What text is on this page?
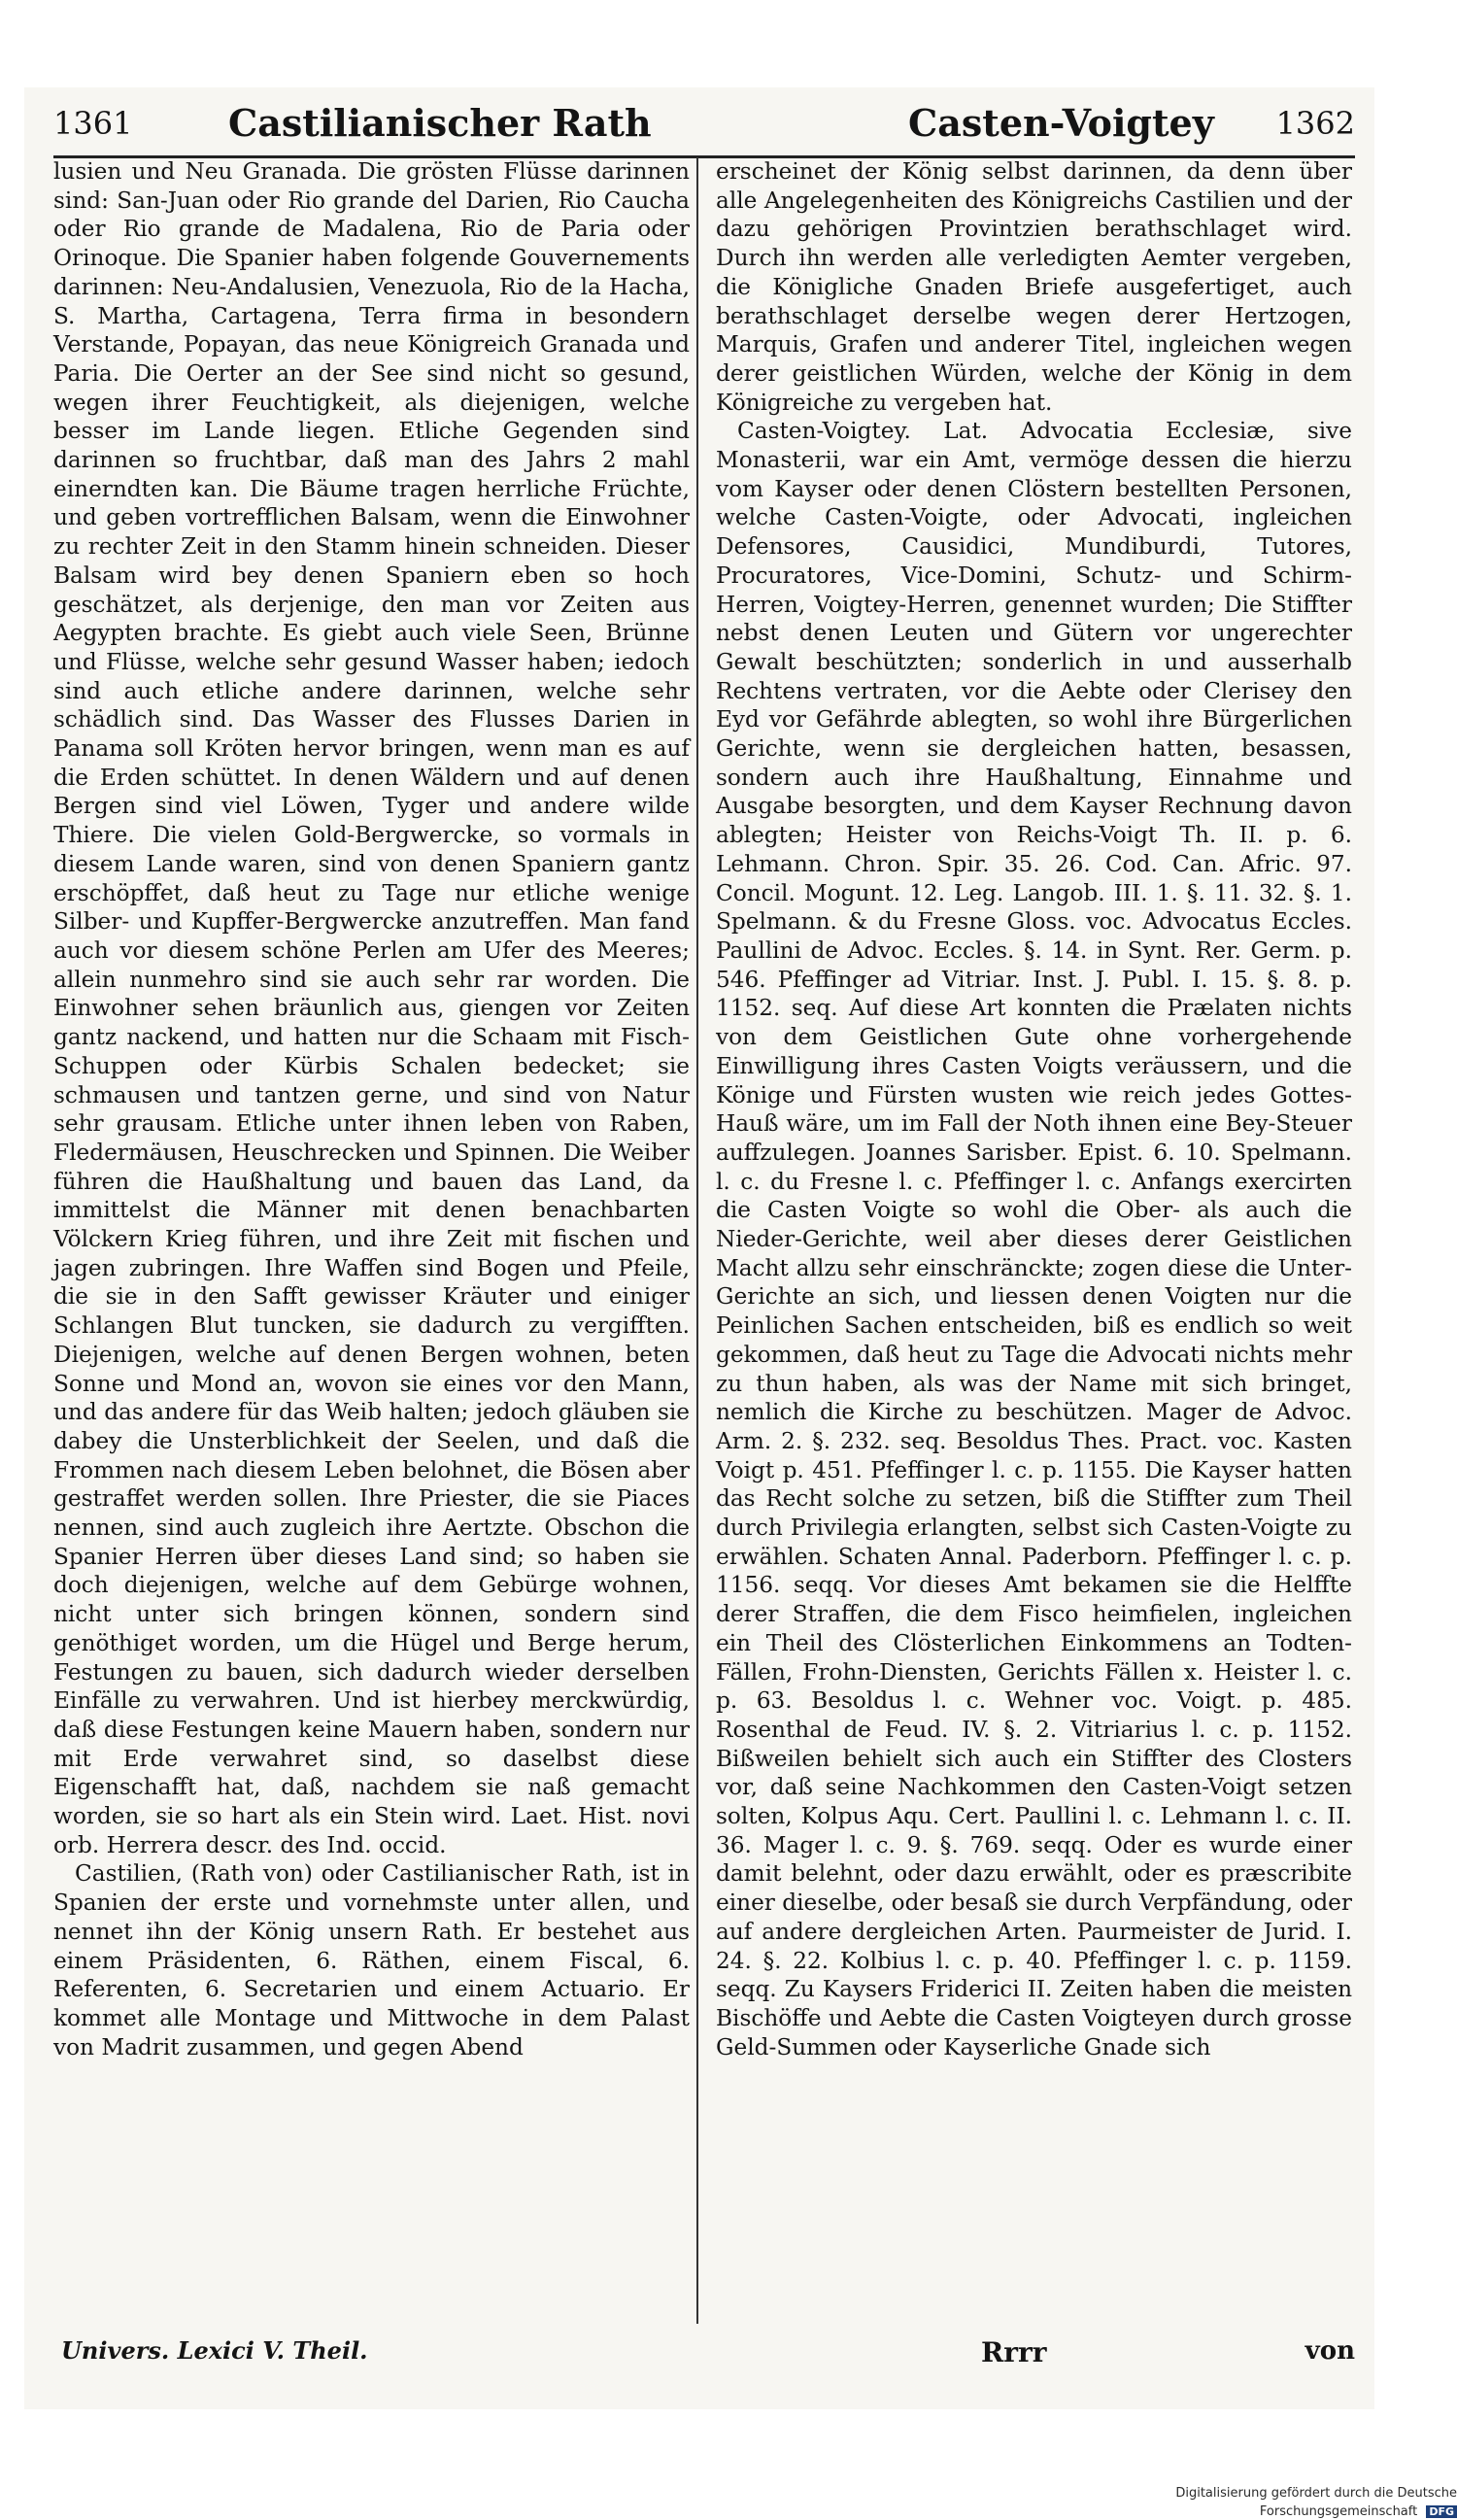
1361	Castilianischer Rath	Casten-Voigtey 1362

lusien und Neu Granada. Die grösten Flüsse darinnen sind: San-Juan oder Rio grande del Darien, Rio Caucha oder Rio grande de Madalena, Rio de Paria oder Orinoque. Die Spanier haben folgende Gouvernements darinnen: Neu-Andalusien, Venezuola, Rio de la Hacha, S. Martha, Cartagena, Terra firma in besondern Verstande, Popayan, das neue Königreich Granada und Paria. Die Oerter an der See sind nicht so gesund, wegen ihrer Feuchtigkeit, als diejenigen, welche besser im Lande liegen. Etliche Gegenden sind darinnen so fruchtbar, daß man des Jahrs 2 mahl einerndten kan. Die Bäume tragen herrliche Früchte, und geben vortrefflichen Balsam, wenn die Einwohner zu rechter Zeit in den Stamm hinein schneiden. Dieser Balsam wird bey denen Spaniern eben so hoch geschätzet, als derjenige, den man vor Zeiten aus Aegypten brachte. Es giebt auch viele Seen, Brünne und Flüsse, welche sehr gesund Wasser haben; iedoch sind auch etliche andere darinnen, welche sehr schädlich sind. Das Wasser des Flusses Darien in Panama soll Kröten hervor bringen, wenn man es auf die Erden schüttet. In denen Wäldern und auf denen Bergen sind viel Löwen, Tyger und andere wilde Thiere. Die vielen Gold-Bergwercke, so vormals in diesem Lande waren, sind von denen Spaniern gantz erschöpffet, daß heut zu Tage nur etliche wenige Silber- und Kupffer-Bergwercke anzutreffen. Man fand auch vor diesem schöne Perlen am Ufer des Meeres; allein nunmehro sind sie auch sehr rar worden. Die Einwohner sehen bräunlich aus, giengen vor Zeiten gantz nackend, und hatten nur die Schaam mit Fisch-Schuppen oder Kürbis Schalen bedecket; sie schmausen und tantzen gerne, und sind von Natur sehr grausam. Etliche unter ihnen leben von Raben, Fledermäusen, Heuschrecken und Spinnen. Die Weiber führen die Haußhaltung und bauen das Land, da immittelst die Männer mit denen benachbarten Völckern Krieg führen, und ihre Zeit mit fischen und jagen zubringen. Ihre Waffen sind Bogen und Pfeile, die sie in den Safft gewisser Kräuter und einiger Schlangen Blut tuncken, sie dadurch zu vergifften. Diejenigen, welche auf denen Bergen wohnen, beten Sonne und Mond an, wovon sie eines vor den Mann, und das andere für das Weib halten; jedoch gläuben sie dabey die Unsterblichkeit der Seelen, und daß die Frommen nach diesem Leben belohnet, die Bösen aber gestraffet werden sollen. Ihre Priester, die sie Piaces nennen, sind auch zugleich ihre Aertzte. Obschon die Spanier Herren über dieses Land sind; so haben sie doch diejenigen, welche auf dem Gebürge wohnen, nicht unter sich bringen können, sondern sind genöthiget worden, um die Hügel und Berge herum, Festungen zu bauen, sich dadurch wieder derselben Einfälle zu verwahren. Und ist hierbey merckwürdig, daß diese Festungen keine Mauern haben, sondern nur mit Erde verwahret sind, so daselbst diese Eigenschafft hat, daß, nachdem sie naß gemacht worden, sie so hart als ein Stein wird. Laet. Hist. novi orb. Herrera descr. des Ind. occid.

Castilien, (Rath von) oder Castilianischer Rath, ist in Spanien der erste und vornehmste unter allen, und nennet ihn der König unsern Rath. Er bestehet aus einem Präsidenten, 6. Räthen, einem Fiscal, 6. Referenten, 6. Secretarien und einem Actuario. Er kommet alle Montage und Mittwoche in dem Palast von Madrit zusammen, und gegen Abend

erscheinet der König selbst darinnen, da denn über alle Angelegenheiten des Königreichs Castilien und der dazu gehörigen Provintzien berathschlaget wird. Durch ihn werden alle verledigten Aemter vergeben, die Königliche Gnaden Briefe ausgefertiget, auch berathschlaget derselbe wegen derer Hertzogen, Marquis, Grafen und anderer Titel, ingleichen wegen derer geistlichen Würden, welche der König in dem Königreiche zu vergeben hat.

Casten-Voigtey. Lat. Advocatia Ecclesiæ, sive Monasterii, war ein Amt, vermöge dessen die hierzu vom Kayser oder denen Clöstern bestellten Personen, welche Casten-Voigte, oder Advocati, ingleichen Defensores, Causidici, Mundiburdi, Tutores, Procuratores, Vice-Domini, Schutz- und Schirm-Herren, Voigtey-Herren, genennet wurden; Die Stiffter nebst denen Leuten und Gütern vor ungerechter Gewalt beschützten; sonderlich in und ausserhalb Rechtens vertraten, vor die Aebte oder Clerisey den Eyd vor Gefährde ablegten, so wohl ihre Bürgerlichen Gerichte, wenn sie dergleichen hatten, besassen, sondern auch ihre Haußhaltung, Einnahme und Ausgabe besorgten, und dem Kayser Rechnung davon ablegten; Heister von Reichs-Voigt Th. II. p. 6. Lehmann. Chron. Spir. 35. 26. Cod. Can. Afric. 97. Concil. Mogunt. 12. Leg. Langob. III. 1. §. 11. 32. §. 1. Spelmann. & du Fresne Gloss. voc. Advocatus Eccles. Paullini de Advoc. Eccles. §. 14. in Synt. Rer. Germ. p. 546. Pfeffinger ad Vitriar. Inst. J. Publ. I. 15. §. 8. p. 1152. seq. Auf diese Art konnten die Prælaten nichts von dem Geistlichen Gute ohne vorhergehende Einwilligung ihres Casten Voigts veräussern, und die Könige und Fürsten wusten wie reich jedes Gottes-Hauß wäre, um im Fall der Noth ihnen eine Bey-Steuer auffzulegen. Joannes Sarisber. Epist. 6. 10. Spelmann. l. c. du Fresne l. c. Pfeffinger l. c. Anfangs exercirten die Casten Voigte so wohl die Ober- als auch die Nieder-Gerichte, weil aber dieses derer Geistlichen Macht allzu sehr einschränckte; zogen diese die Unter-Gerichte an sich, und liessen denen Voigten nur die Peinlichen Sachen entscheiden, biß es endlich so weit gekommen, daß heut zu Tage die Advocati nichts mehr zu thun haben, als was der Name mit sich bringet, nemlich die Kirche zu beschützen. Mager de Advoc. Arm. 2. §. 232. seq. Besoldus Thes. Pract. voc. Kasten Voigt p. 451. Pfeffinger l. c. p. 1155. Die Kayser hatten das Recht solche zu setzen, biß die Stiffter zum Theil durch Privilegia erlangten, selbst sich Casten-Voigte zu erwählen. Schaten Annal. Paderborn. Pfeffinger l. c. p. 1156. seqq. Vor dieses Amt bekamen sie die Helffte derer Straffen, die dem Fisco heimfielen, ingleichen ein Theil des Clösterlichen Einkommens an Todten-Fällen, Frohn-Diensten, Gerichts Fällen x. Heister l. c. p. 63. Besoldus l. c. Wehner voc. Voigt. p. 485. Rosenthal de Feud. IV. §. 2. Vitriarius l. c. p. 1152. Bißweilen behielt sich auch ein Stiffter des Closters vor, daß seine Nachkommen den Casten-Voigt setzen solten, Kolpus Aqu. Cert. Paullini l. c. Lehmann l. c. II. 36. Mager l. c. 9. §. 769. seqq. Oder es wurde einer damit belehnt, oder dazu erwählt, oder es præscribite einer dieselbe, oder besaß sie durch Verpfändung, oder auf andere dergleichen Arten. Paurmeister de Jurid. I. 24. §. 22. Kolbius l. c. p. 40. Pfeffinger l. c. p. 1159. seqq. Zu Kaysers Friderici II. Zeiten haben die meisten Bischöffe und Aebte die Casten Voigteyen durch grosse Geld-Summen oder Kayserliche Gnade sich

Univers. Lexici V. Theil.	Rrrr	von
Digitalisierung gefördert durch die Deutsche Forschungsgemeinschaft DFG
